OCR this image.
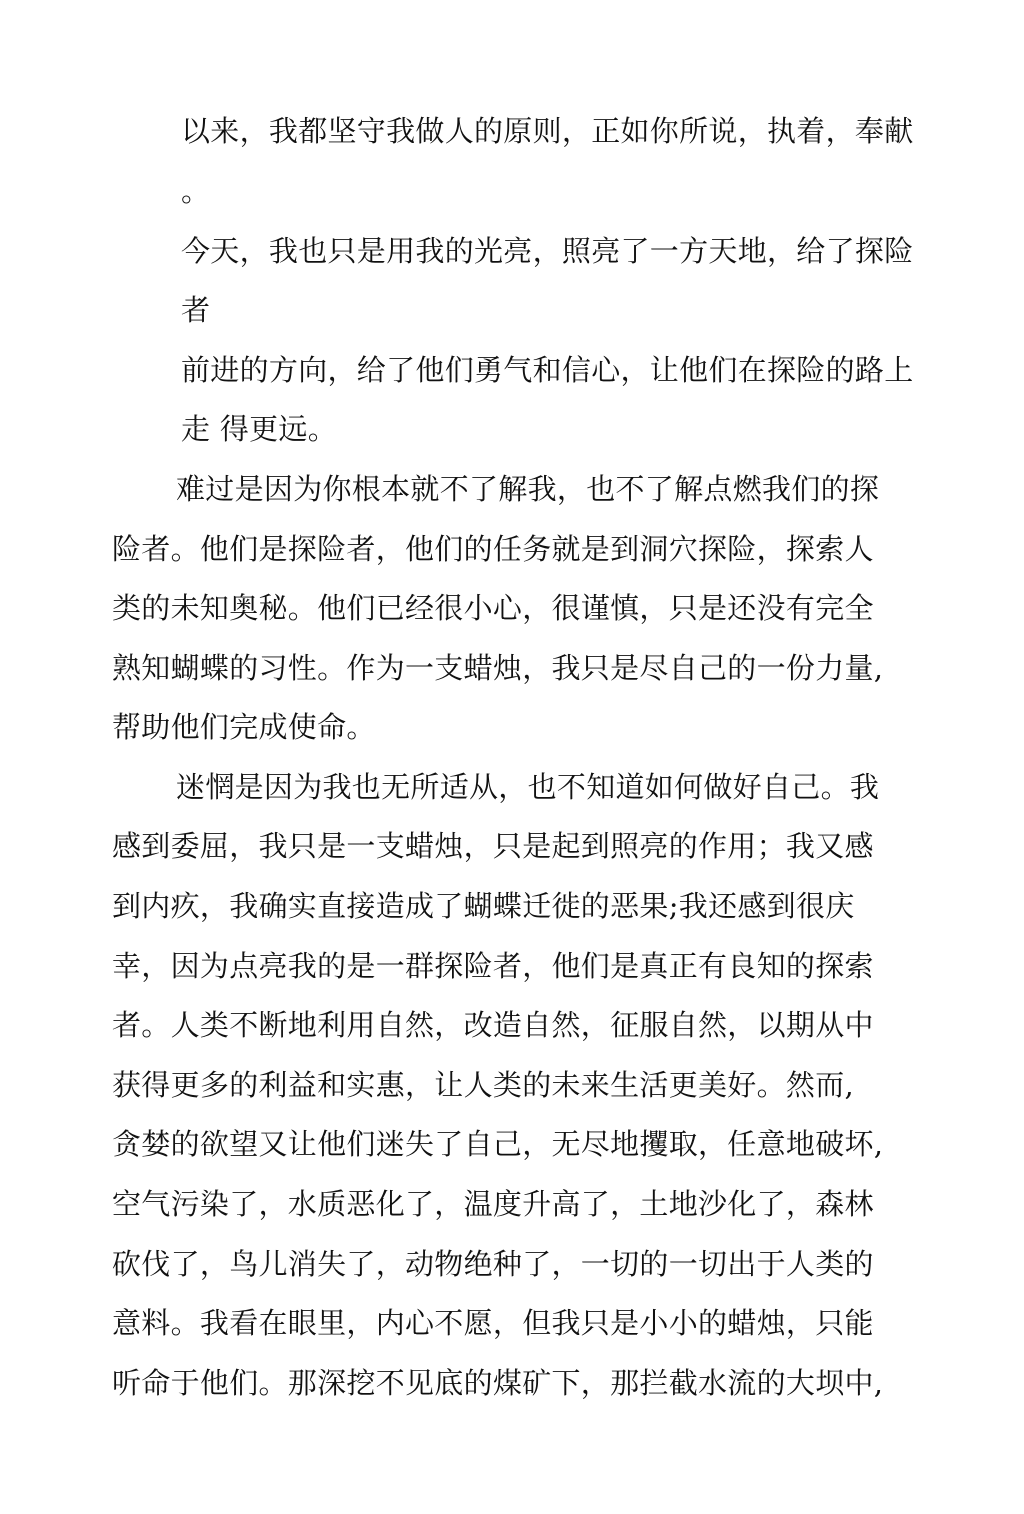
以来，我都坚守我做人的原则，正如你所说，执着，奉献
。
今天，我也只是用我的光亮，照亮了一方天地，给了探险
者
前进的方向，给了他们勇气和信心，让他们在探险的路上
走 得更远。
难过是因为你根本就不了解我，也不了解点燃我们的探
险者。他们是探险者，他们的任务就是到洞穴探险，探索人
类的未知奥秘。他们已经很小心，很谨慎，只是还没有完全
熟知蝴蝶的习性。作为一支蜡烛，我只是尽自己的一份力量,
帮助他们完成使命。
迷惘是因为我也无所适从，也不知道如何做好自己。我
感到委屈，我只是一支蜡烛，只是起到照亮的作用；我又感
到内疚，我确实直接造成了蝴蝶迁徙的恶果;我还感到很庆
幸，因为点亮我的是一群探险者，他们是真正有良知的探索
者。人类不断地利用自然，改造自然，征服自然，以期从中
获得更多的利益和实惠，让人类的未来生活更美好。然而,
贪婪的欲望又让他们迷失了自己，无尽地攫取，任意地破坏,
空气污染了，水质恶化了，温度升高了，土地沙化了，森林
砍伐了，鸟儿消失了，动物绝种了，一切的一切出于人类的
意料。我看在眼里，内心不愿，但我只是小小的蜡烛，只能
听命于他们。那深挖不见底的煤矿下，那拦截水流的大坝中,
